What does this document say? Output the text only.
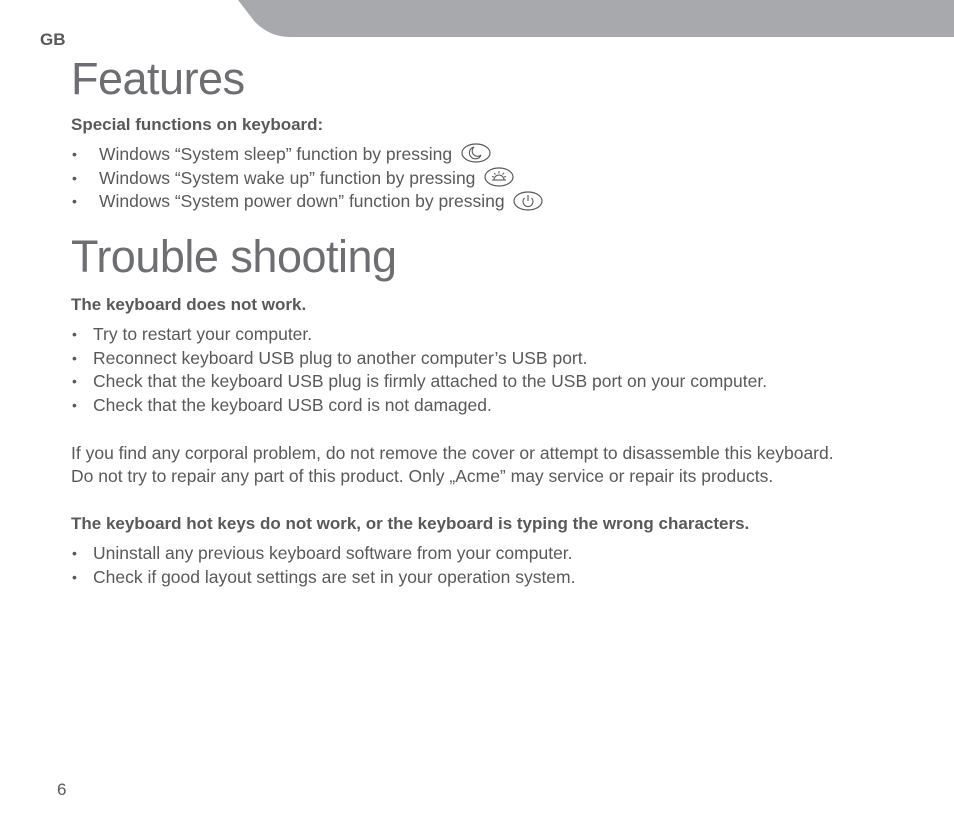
GB
Features
Special functions on keyboard:
• Windows “System sleep” function by pressing
• Windows “System wake up” function by pressing
• Windows “System power down” function by pressing
Trouble shooting
The keyboard does not work.
• Try to restart your computer.
• Reconnect keyboard USB plug to another computer’s USB port.
• Check that the keyboard USB plug is firmly attached to the USB port on your computer.
• Check that the keyboard USB cord is not damaged.

If you find any corporal problem, do not remove the cover or attempt to disassemble this keyboard.
Do not try to repair any part of this product. Only „Acme” may service or repair its products.

The keyboard hot keys do not work, or the keyboard is typing the wrong characters.
• Uninstall any previous keyboard software from your computer.
• Check if good layout settings are set in your operation system.
6
